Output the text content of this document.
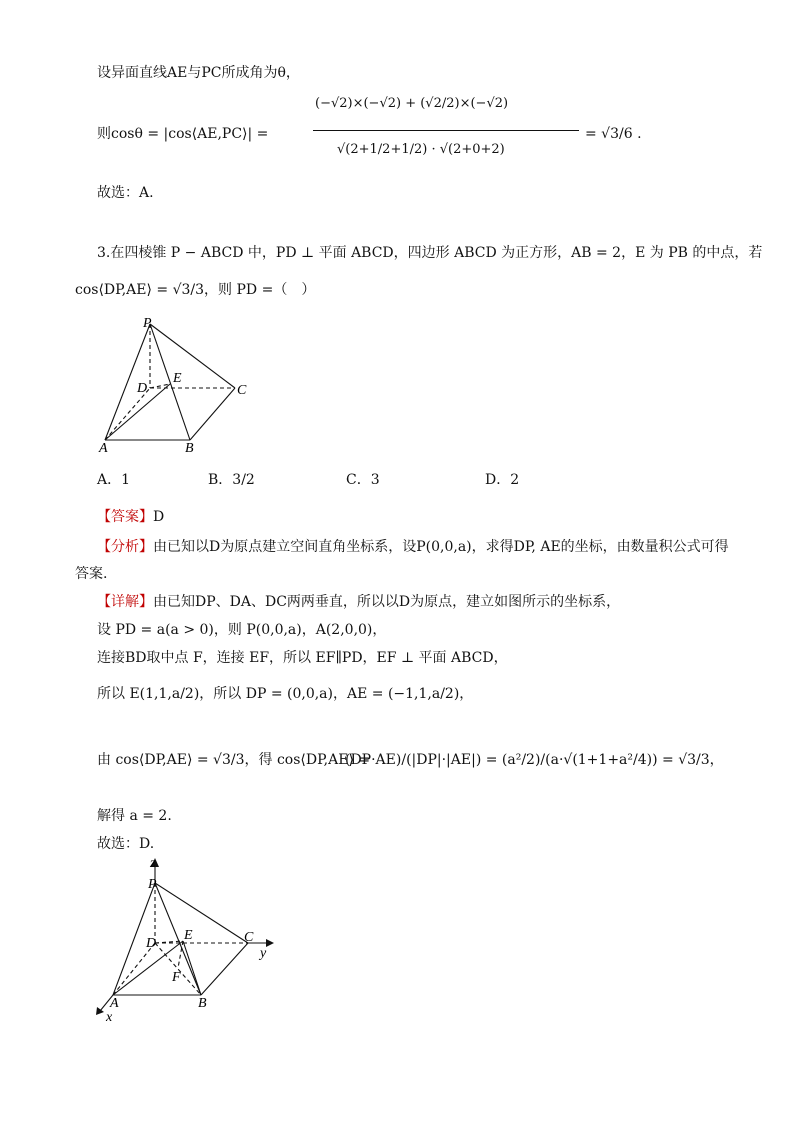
设异面直线AE与PC所成角为θ，
则cosθ = |cos⟨AE,PC⟩| =
(−√2)×(−√2) + (√2/2)×(−√2)
√(2+1/2+1/2) · √(2+0+2)
= √3/6 .
故选：A.
3.在四棱锥 P − ABCD 中，PD ⊥ 平面 ABCD，四边形 ABCD 为正方形，AB = 2，E 为 PB 的中点，若
cos⟨DP,AE⟩ = √3/3，则 PD =（　）
P
D
E
C
A	B
A．1	B．3/2	C．3	D．2
【答案】D
【分析】由已知以D为原点建立空间直角坐标系，设P(0,0,a)，求得DP, AE的坐标，由数量积公式可得
答案.
【详解】由已知DP、DA、DC两两垂直，所以以D为原点，建立如图所示的坐标系，
设 PD = a(a > 0)，则 P(0,0,a)，A(2,0,0)，
连接BD取中点 F，连接 EF，所以 EF∥PD，EF ⊥ 平面 ABCD，
所以 E(1,1,a/2)，所以 DP = (0,0,a)，AE = (−1,1,a/2)，
由 cos⟨DP,AE⟩ = √3/3，得 cos⟨DP,AE⟩ =
(DP·AE)/(|DP|·|AE|) = (a²/2)/(a·√(1+1+a²/4)) = √3/3，
解得 a = 2.
故选：D.
z
P
D
E
F
C
y
A	B
x
